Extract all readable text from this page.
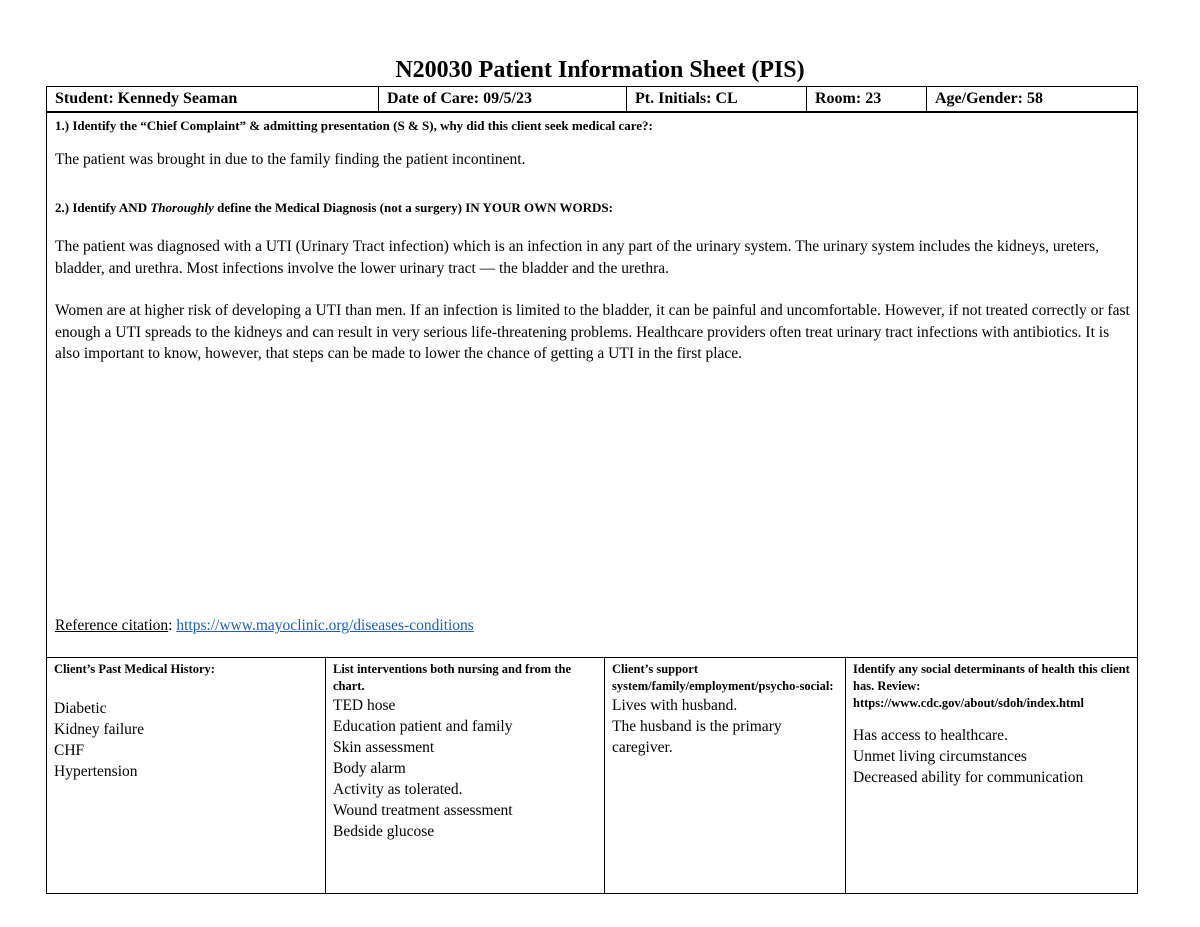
N20030 Patient Information Sheet (PIS)
Student: Kennedy Seaman	Date of Care: 09/5/23	Pt. Initials: CL	Room: 23	Age/Gender: 58
1.) Identify the “Chief Complaint” & admitting presentation (S & S), why did this client seek medical care?:
The patient was brought in due to the family finding the patient incontinent.
2.) Identify AND Thoroughly define the Medical Diagnosis (not a surgery) IN YOUR OWN WORDS:
The patient was diagnosed with a UTI (Urinary Tract infection) which is an infection in any part of the urinary system. The urinary system includes the kidneys, ureters, bladder, and urethra. Most infections involve the lower urinary tract — the bladder and the urethra.
Women are at higher risk of developing a UTI than men. If an infection is limited to the bladder, it can be painful and uncomfortable. However, if not treated correctly or fast enough a UTI spreads to the kidneys and can result in very serious life-threatening problems. Healthcare providers often treat urinary tract infections with antibiotics. It is also important to know, however, that steps can be made to lower the chance of getting a UTI in the first place.
Reference citation: https://www.mayoclinic.org/diseases-conditions
Client’s Past Medical History:
Diabetic
Kidney failure
CHF
Hypertension
List interventions both nursing and from the chart.
TED hose
Education patient and family
Skin assessment
Body alarm
Activity as tolerated.
Wound treatment assessment
Bedside glucose
Client’s support system/family/employment/psycho-social:
Lives with husband.
The husband is the primary caregiver.
Identify any social determinants of health this client has. Review: https://www.cdc.gov/about/sdoh/index.html
Has access to healthcare.
Unmet living circumstances
Decreased ability for communication
